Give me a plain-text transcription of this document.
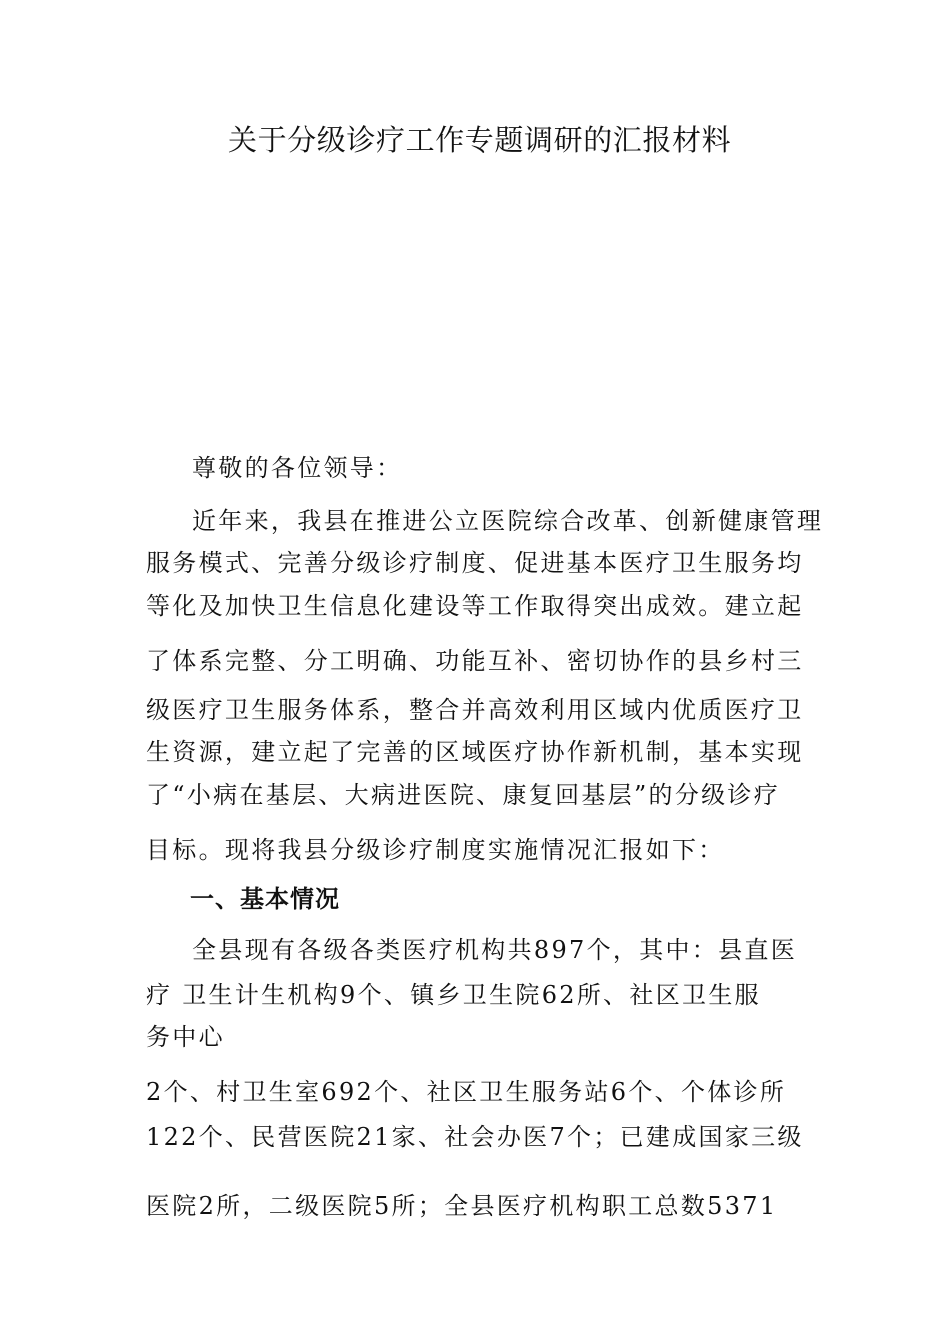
关于分级诊疗工作专题调研的汇报材料
尊敬的各位领导：
近年来，我县在推进公立医院综合改革、创新健康管理
服务模式、完善分级诊疗制度、促进基本医疗卫生服务均
等化及加快卫生信息化建设等工作取得突出成效。建立起
了体系完整、分工明确、功能互补、密切协作的县乡村三
级医疗卫生服务体系，整合并高效利用区域内优质医疗卫
生资源，建立起了完善的区域医疗协作新机制，基本实现
了“小病在基层、大病进医院、康复回基层”的分级诊疗
目标。现将我县分级诊疗制度实施情况汇报如下：
一、基本情况
全县现有各级各类医疗机构共897个，其中：县直医
疗 卫生计生机构9个、镇乡卫生院62所、社区卫生服
务中心
2个、村卫生室692个、社区卫生服务站6个、个体诊所
122个、民营医院21家、社会办医7个；已建成国家三级
医院2所，二级医院5所；全县医疗机构职工总数5371
